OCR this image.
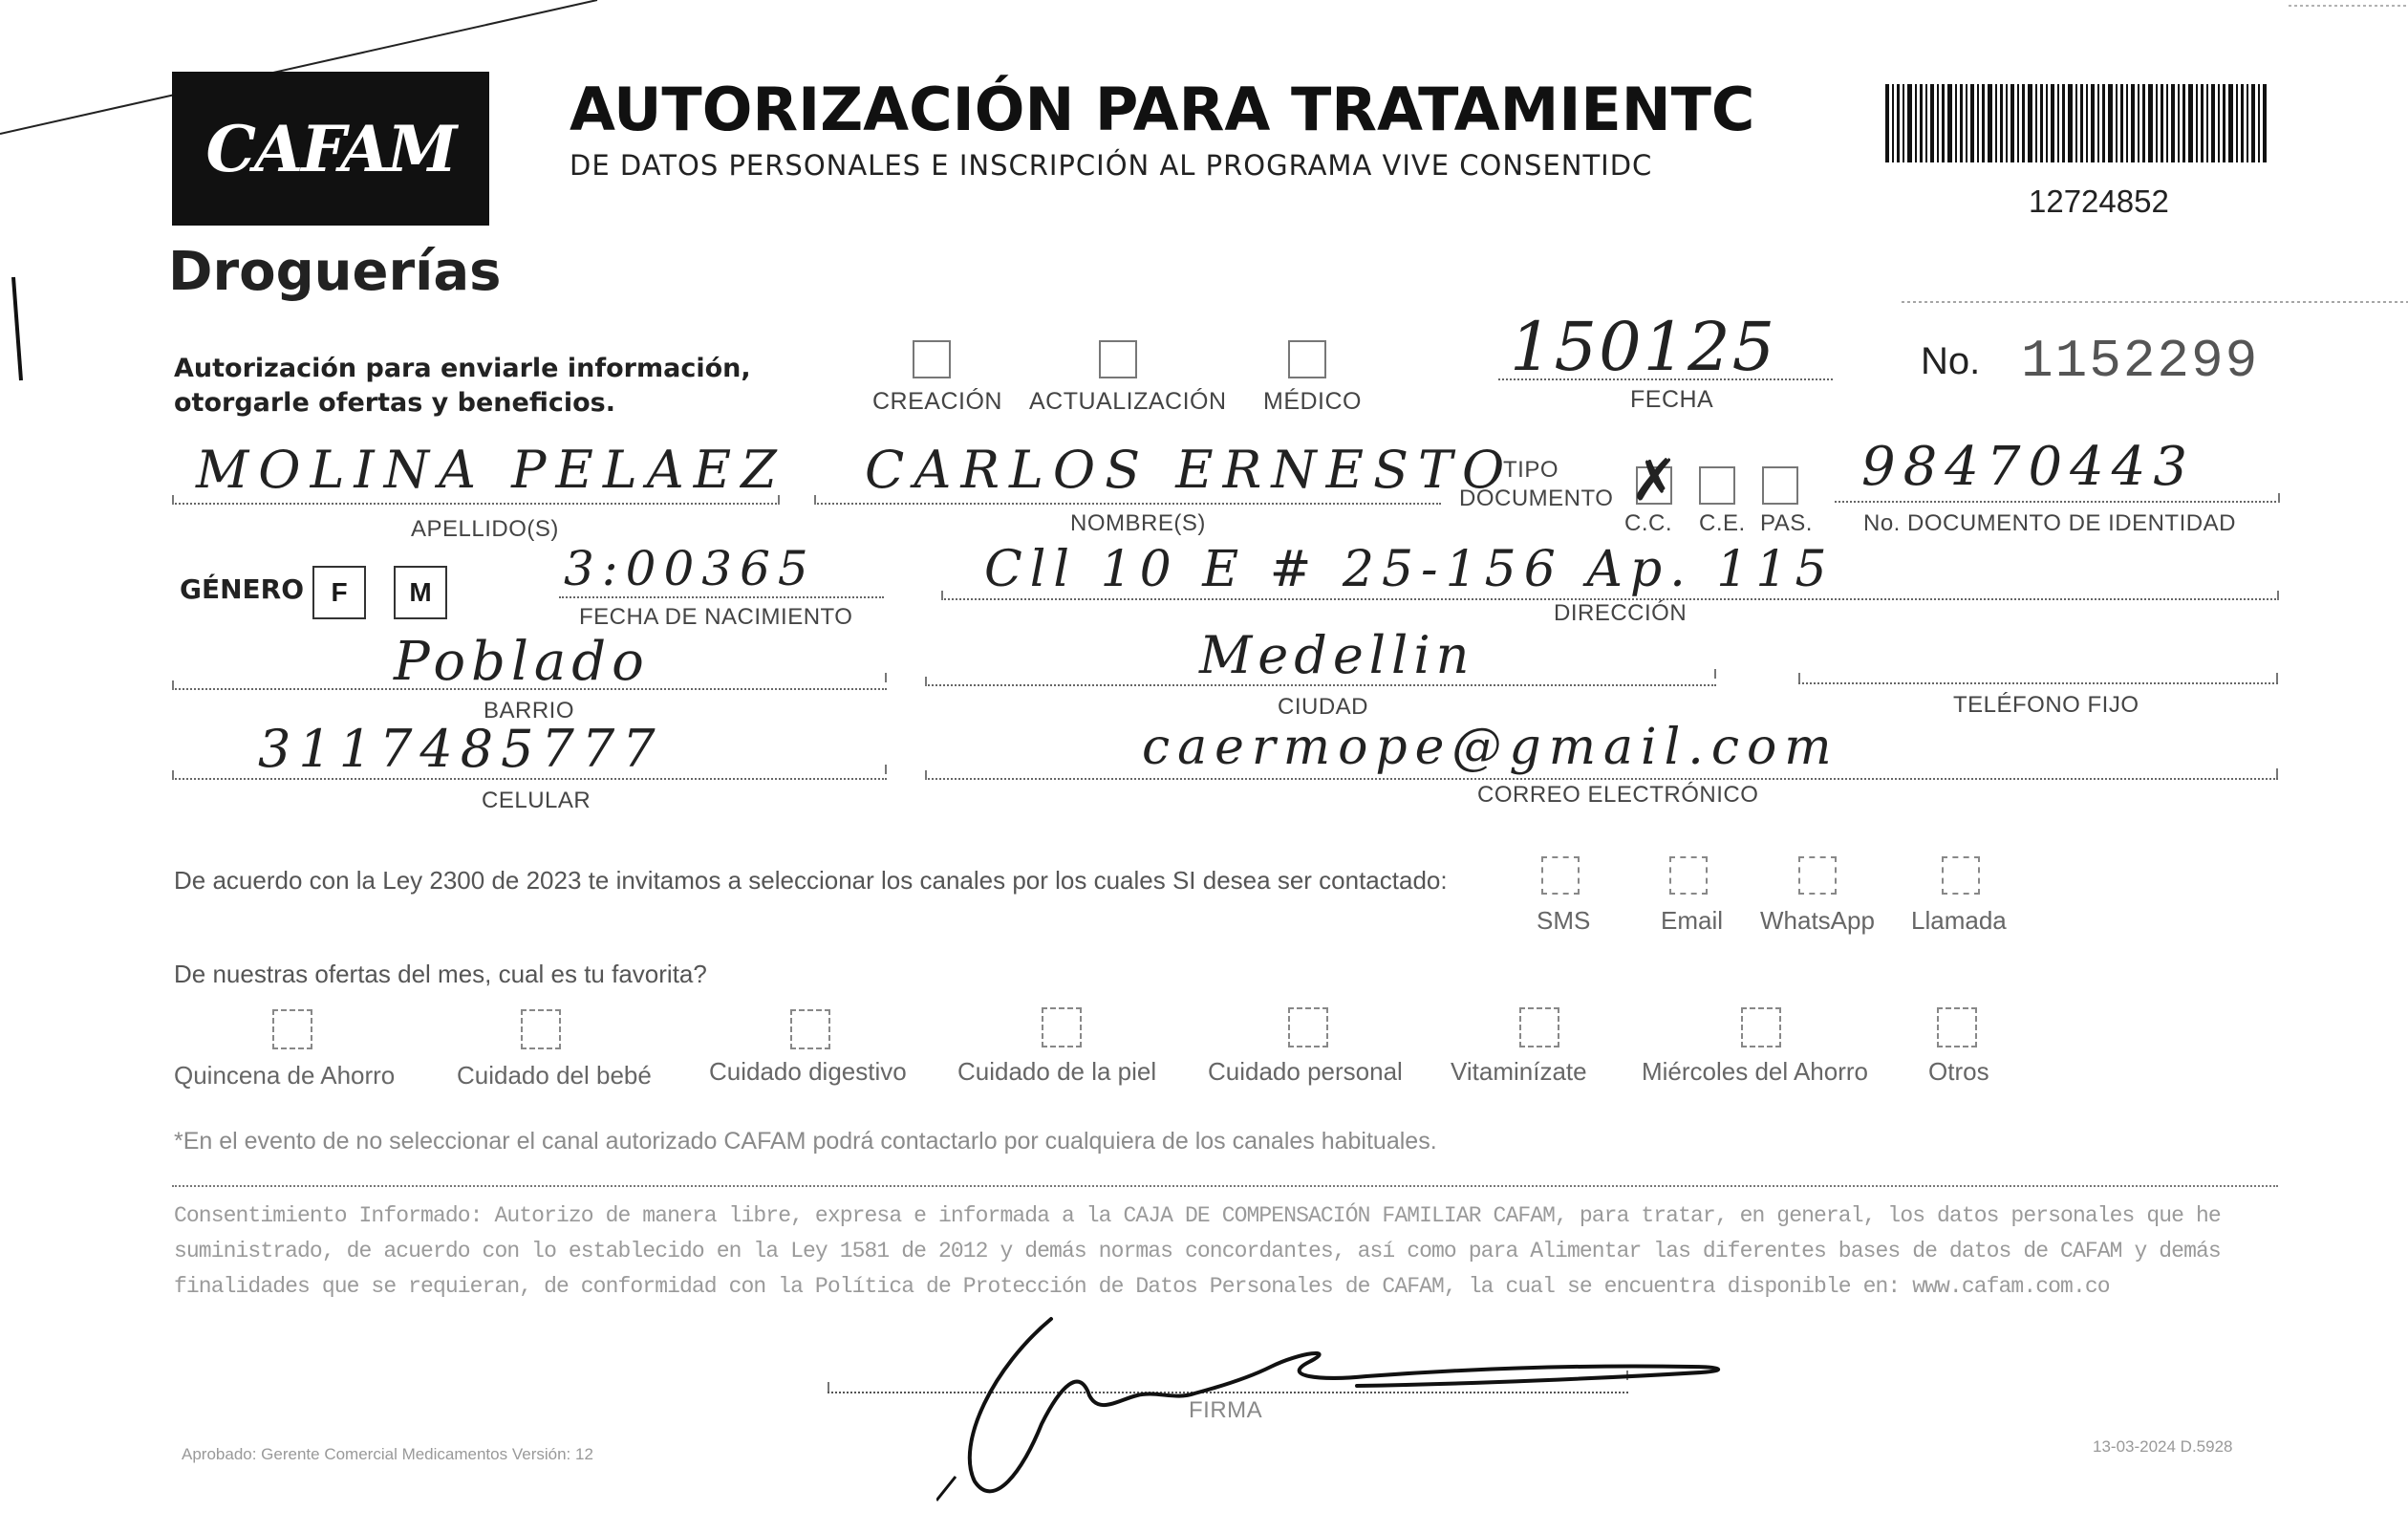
CAFAM
Droguerías
AUTORIZACIÓN PARA TRATAMIENTC
DE DATOS PERSONALES E INSCRIPCIÓN AL PROGRAMA VIVE CONSENTIDC
12724852
Autorización para enviarle información,
otorgarle ofertas y beneficios.	CREACIÓN ACTUALIZACIÓN MÉDICO
150125
FECHA
No. 1152299
MOLINA PELAEZ
APELLIDO(S)
CARLOS ERNESTO
NOMBRE(S)
TIPO
DOCUMENTO ✗
C.C. C.E. PAS.
98470443
No. DOCUMENTO DE IDENTIDAD
GÉNERO	F	M	3:00365
FECHA DE NACIMIENTO
Cll 10 E # 25-156 Ap. 115
DIRECCIÓN
Poblado
BARRIO
Medellin
CIUDAD	TELÉFONO FIJO
3117485777
CELULAR
caermope@gmail.com
CORREO ELECTRÓNICO
De acuerdo con la Ley 2300 de 2023 te invitamos a seleccionar los canales por los cuales SI desea ser contactado:
SMS	Email WhatsApp Llamada
De nuestras ofertas del mes, cual es tu favorita?
Quincena de Ahorro Cuidado del bebé Cuidado digestivo Cuidado de la piel Cuidado personal Vitaminízate Miércoles del Ahorro Otros
*En el evento de no seleccionar el canal autorizado CAFAM podrá contactarlo por cualquiera de los canales habituales.
Consentimiento Informado: Autorizo de manera libre, expresa e informada a la CAJA DE COMPENSACIÓN FAMILIAR CAFAM, para tratar, en general, los datos personales que he
suministrado, de acuerdo con lo establecido en la Ley 1581 de 2012 y demás normas concordantes, así como para Alimentar las diferentes bases de datos de CAFAM y demás
finalidades que se requieran, de conformidad con la Política de Protección de Datos Personales de CAFAM, la cual se encuentra disponible en: www.cafam.com.co
FIRMA
Aprobado: Gerente Comercial Medicamentos Versión: 12	13-03-2024 D.5928
